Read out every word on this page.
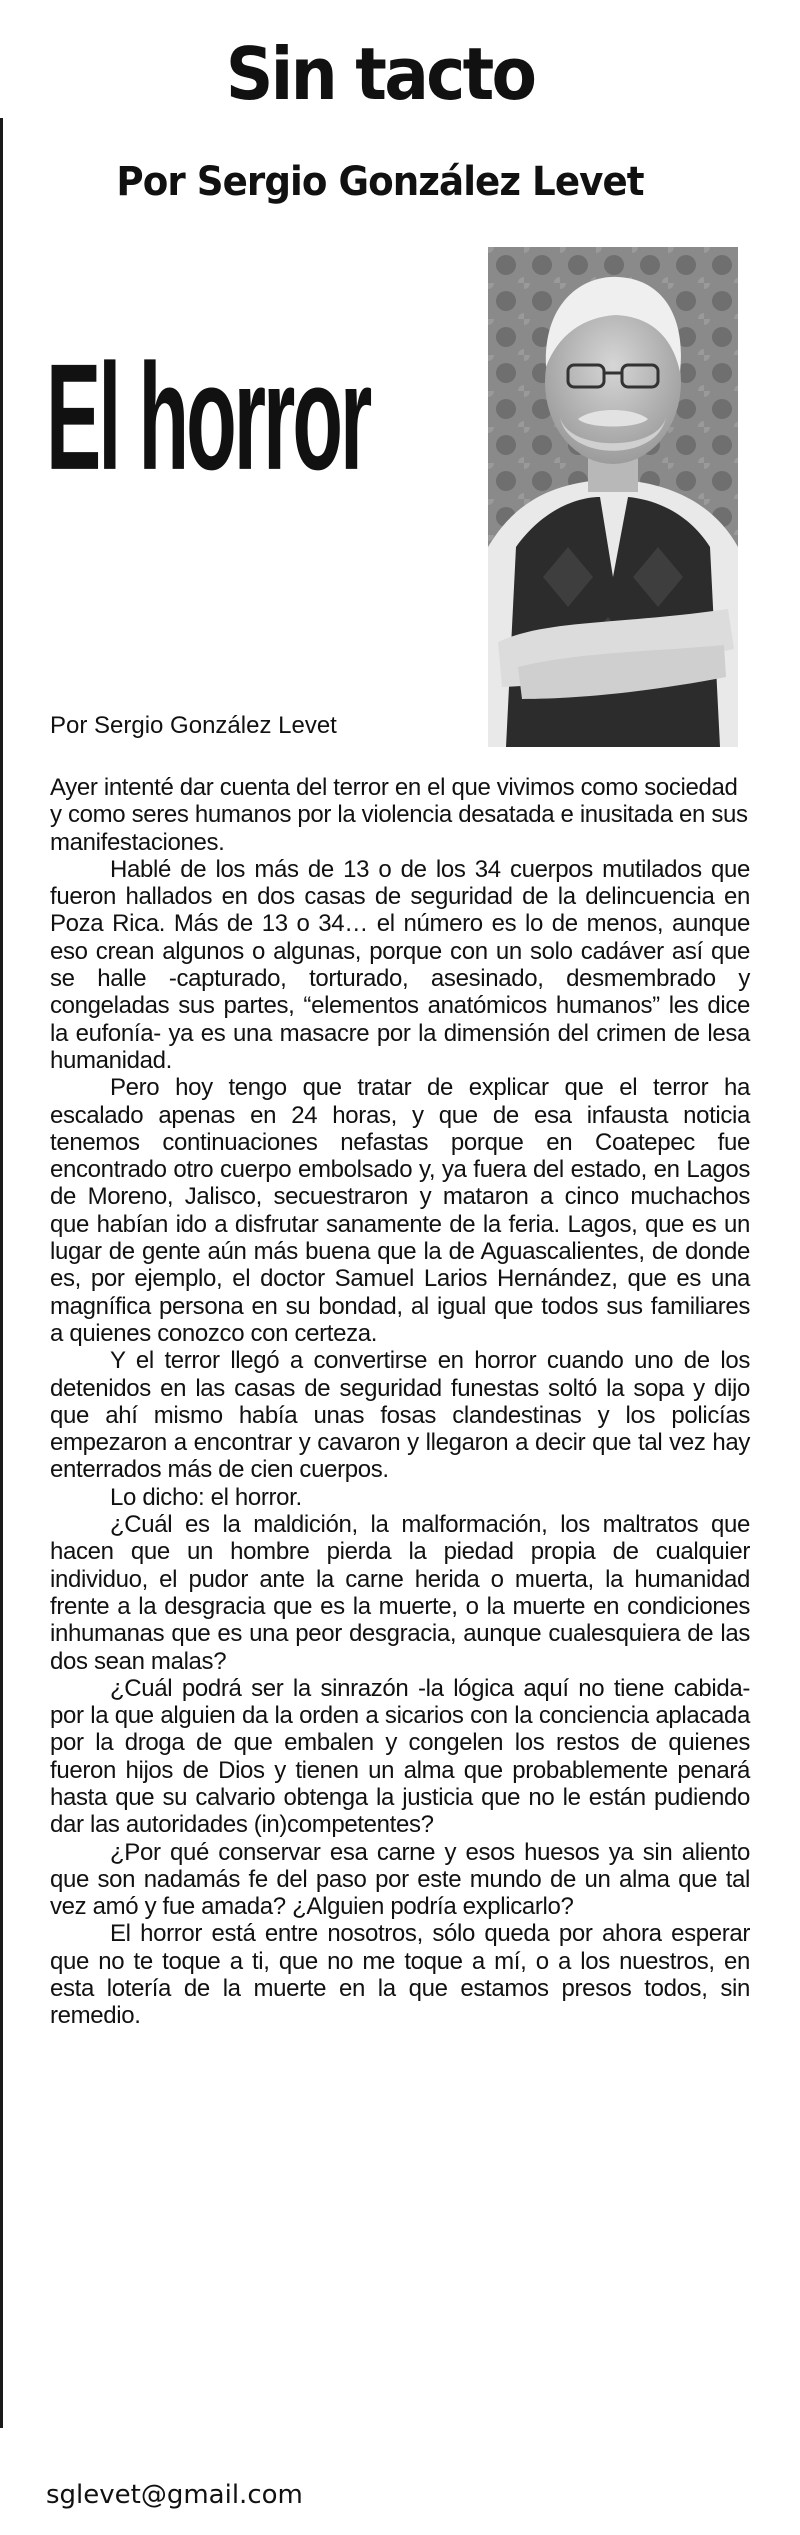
Sin tacto
Por Sergio González Levet
El horror
Por Sergio González Levet

Ayer intenté dar cuenta del terror en el que vivimos como sociedad y como seres humanos por la violencia desatada e inusitada en sus manifestaciones.

Hablé de los más de 13 o de los 34 cuerpos mutilados que fueron hallados en dos casas de seguridad de la delincuencia en Poza Rica. Más de 13 o 34… el número es lo de menos, aunque eso crean algunos o algunas, porque con un solo cadáver así que se halle -capturado, torturado, asesinado, desmembrado y congeladas sus partes, “elementos anatómicos humanos” les dice la eufonía- ya es una masacre por la dimensión del crimen de lesa humanidad.

Pero hoy tengo que tratar de explicar que el terror ha escalado apenas en 24 horas, y que de esa infausta noticia tenemos continuaciones nefastas porque en Coatepec fue encontrado otro cuerpo embolsado y, ya fuera del estado, en Lagos de Moreno, Jalisco, secuestraron y mataron a cinco muchachos que habían ido a disfrutar sanamente de la feria. Lagos, que es un lugar de gente aún más buena que la de Aguascalientes, de donde es, por ejemplo, el doctor Samuel Larios Hernández, que es una magnífica persona en su bondad, al igual que todos sus familiares a quienes conozco con certeza.

Y el terror llegó a convertirse en horror cuando uno de los detenidos en las casas de seguridad funestas soltó la sopa y dijo que ahí mismo había unas fosas clandestinas y los policías empezaron a encontrar y cavaron y llegaron a decir que tal vez hay enterrados más de cien cuerpos.

Lo dicho: el horror.

¿Cuál es la maldición, la malformación, los maltratos que hacen que un hombre pierda la piedad propia de cualquier individuo, el pudor ante la carne herida o muerta, la humanidad frente a la desgracia que es la muerte, o la muerte en condiciones inhumanas que es una peor desgracia, aunque cualesquiera de las dos sean malas?

¿Cuál podrá ser la sinrazón -la lógica aquí no tiene cabida- por la que alguien da la orden a sicarios con la conciencia aplacada por la droga de que embalen y congelen los restos de quienes fueron hijos de Dios y tienen un alma que probablemente penará hasta que su calvario obtenga la justicia que no le están pudiendo dar las autoridades (in)competentes?

¿Por qué conservar esa carne y esos huesos ya sin aliento que son nadamás fe del paso por este mundo de un alma que tal vez amó y fue amada? ¿Alguien podría explicarlo?

El horror está entre nosotros, sólo queda por ahora esperar que no te toque a ti, que no me toque a mí, o a los nuestros, en esta lotería de la muerte en la que estamos presos todos, sin remedio.

sglevet@gmail.com
